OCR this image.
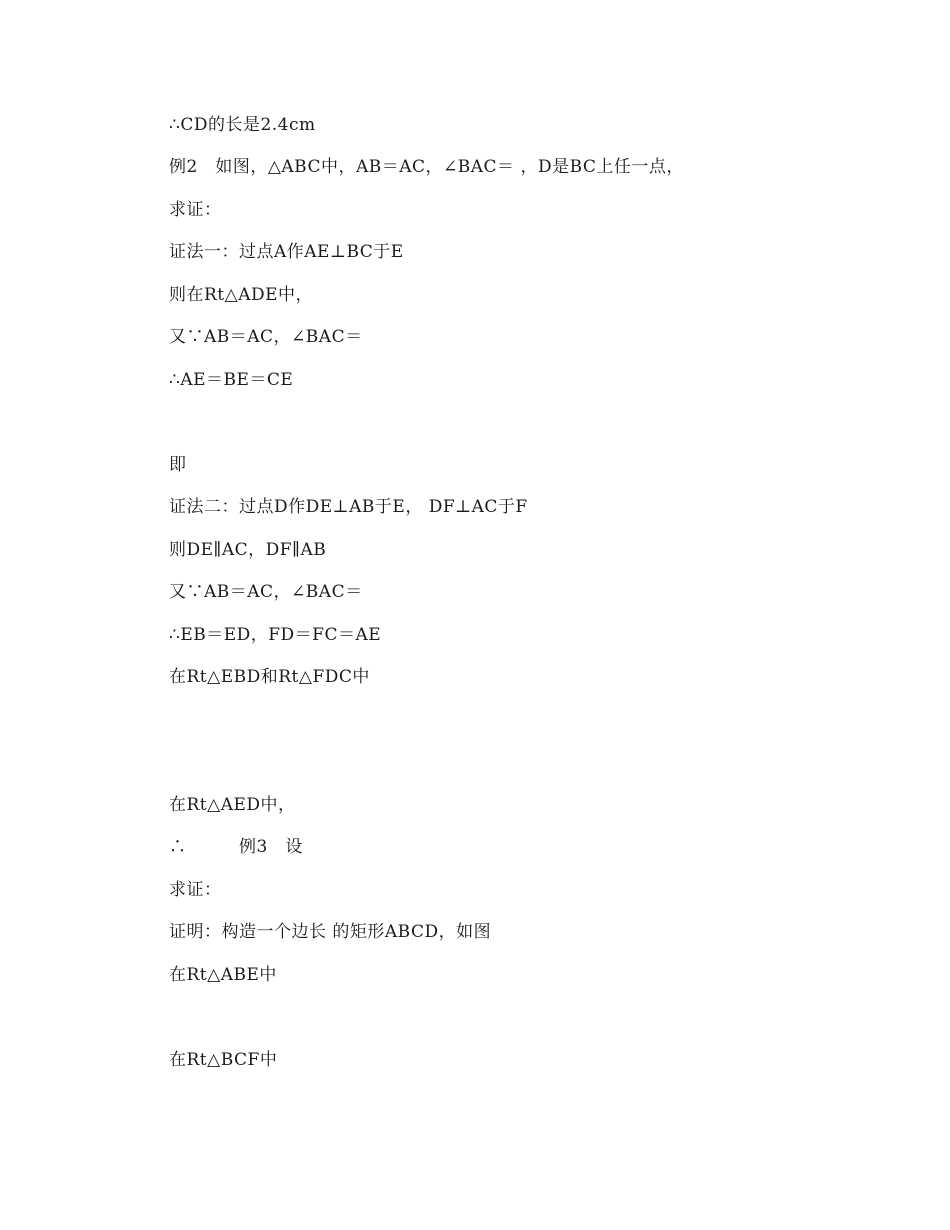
∴CD的长是2.4cm
例2　如图，△ABC中，AB＝AC，∠BAC＝ ，D是BC上任一点，
求证：
证法一：过点A作AE⊥BC于E
则在Rt△ADE中，
又∵AB＝AC，∠BAC＝
∴AE＝BE＝CE
即
证法二：过点D作DE⊥AB于E， DF⊥AC于F
则DE∥AC，DF∥AB
又∵AB＝AC，∠BAC＝
∴EB＝ED，FD＝FC＝AE
在Rt△EBD和Rt△FDC中
在Rt△AED中，
∴　　　例3　设
求证：
证明：构造一个边长 的矩形ABCD，如图
在Rt△ABE中
在Rt△BCF中
